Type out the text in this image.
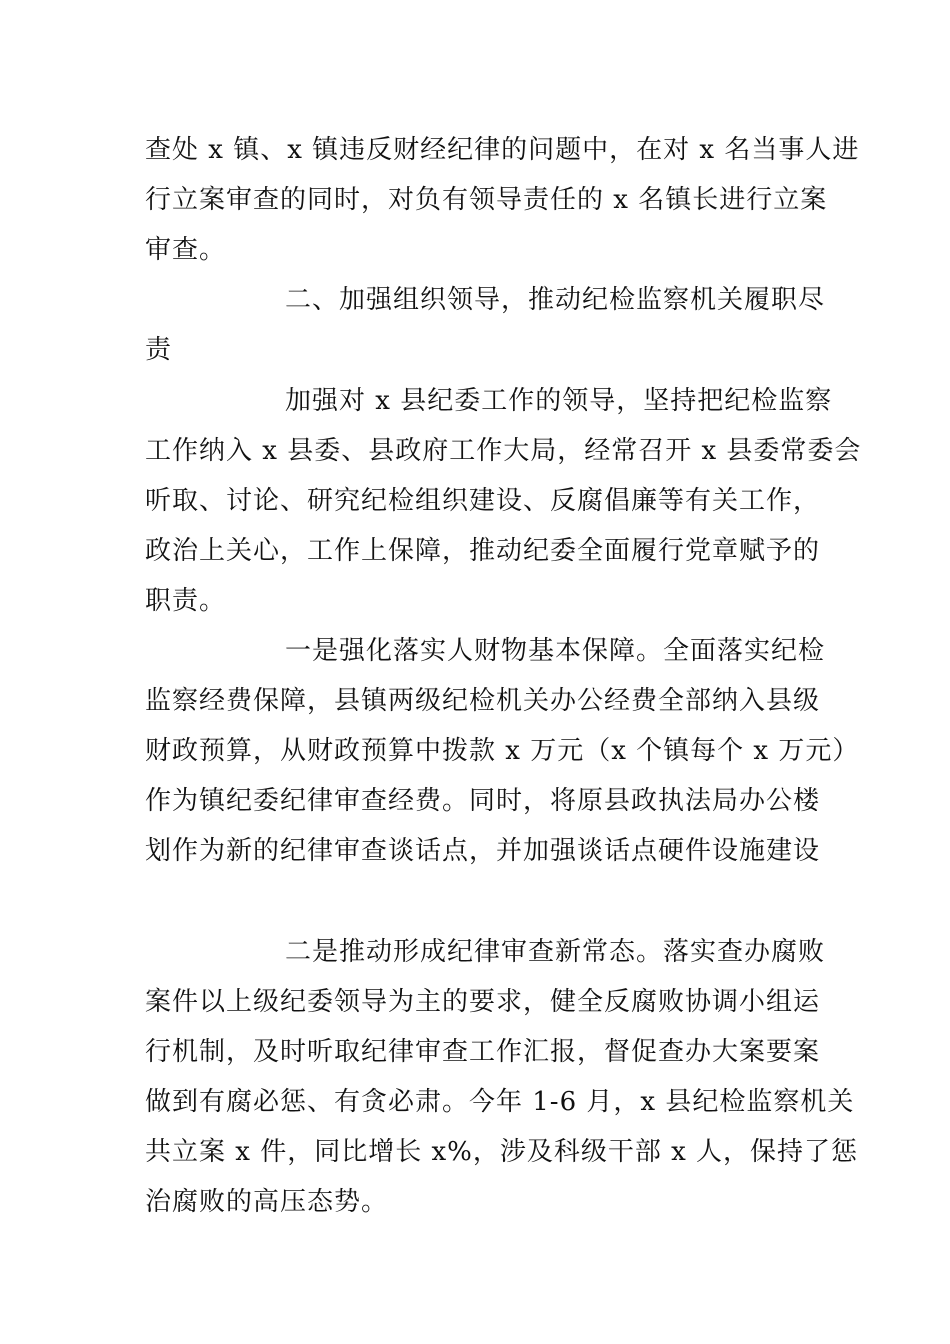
查处 x 镇、x 镇违反财经纪律的问题中，在对 x 名当事人进
行立案审查的同时，对负有领导责任的 x 名镇长进行立案
审查。
二、加强组织领导，推动纪检监察机关履职尽
责
加强对 x 县纪委工作的领导，坚持把纪检监察
工作纳入 x 县委、县政府工作大局，经常召开 x 县委常委会
听取、讨论、研究纪检组织建设、反腐倡廉等有关工作，
政治上关心，工作上保障，推动纪委全面履行党章赋予的
职责。
一是强化落实人财物基本保障。全面落实纪检
监察经费保障，县镇两级纪检机关办公经费全部纳入县级
财政预算，从财政预算中拨款 x 万元（x 个镇每个 x 万元）
作为镇纪委纪律审查经费。同时，将原县政执法局办公楼
划作为新的纪律审查谈话点，并加强谈话点硬件设施建设
二是推动形成纪律审查新常态。落实查办腐败
案件以上级纪委领导为主的要求，健全反腐败协调小组运
行机制，及时听取纪律审查工作汇报，督促查办大案要案
做到有腐必惩、有贪必肃。今年 1-6 月，x 县纪检监察机关
共立案 x 件，同比增长 x%，涉及科级干部 x 人，保持了惩
治腐败的高压态势。
